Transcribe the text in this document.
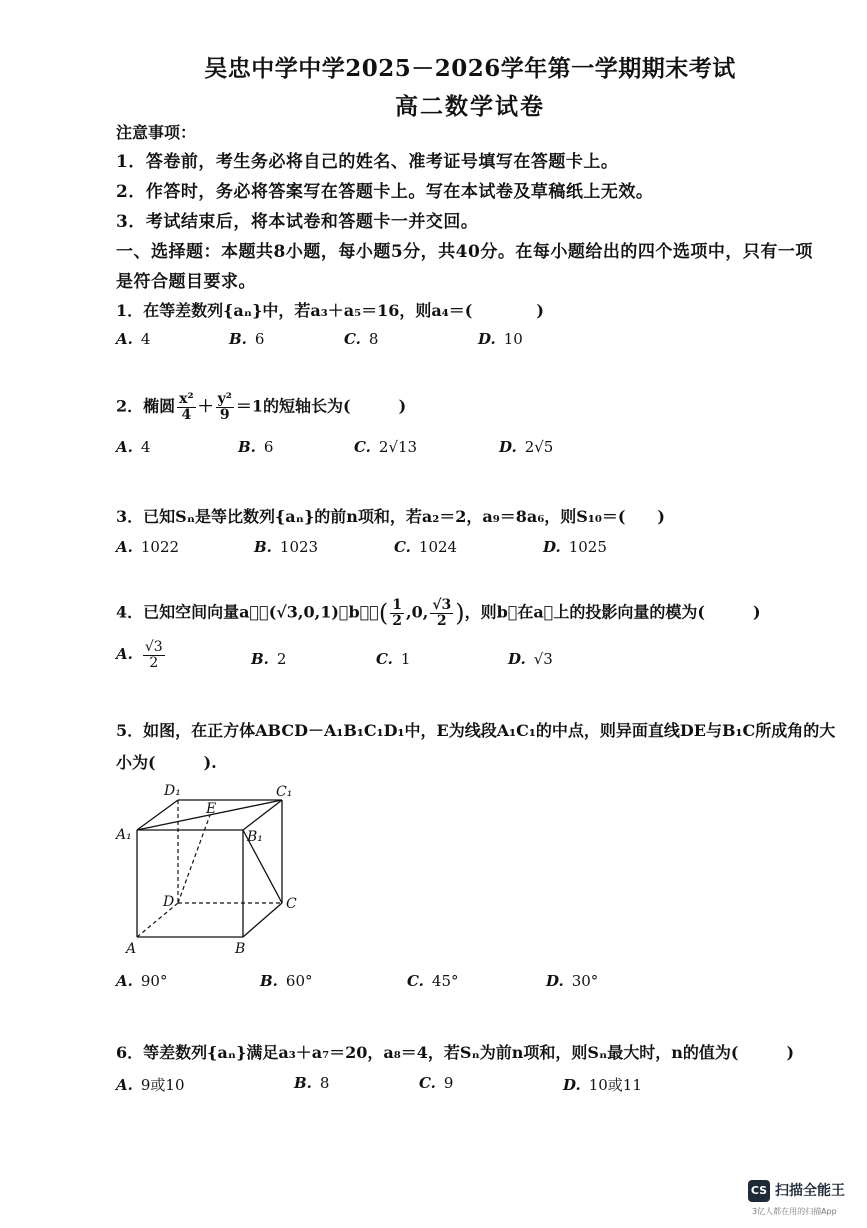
吴忠中学中学2025－2026学年第一学期期末考试
高二数学试卷
注意事项：
1．答卷前，考生务必将自己的姓名、准考证号填写在答题卡上。
2．作答时，务必将答案写在答题卡上。写在本试卷及草稿纸上无效。
3．考试结束后，将本试卷和答题卡一并交回。
一、选择题：本题共8小题，每小题5分，共40分。在每小题给出的四个选项中，只有一项
是符合题目要求。
1．在等差数列{aₙ}中，若a₃＋a₅＝16，则a₄＝(　　　　)
A. 4	B. 6	C. 8	D. 10
2．椭圆 $\frac{\text{x²}}{4} + \frac{\text{y²}}{9} =1$的短轴长为(　　　)
A. 4	B. 6	C. 2√13	D. 2√5
3．已知Sₙ是等比数列{aₙ}的前n项和，若a₂＝2，a₉＝8a₆，则S₁₀＝(　　)
A. 1022	B. 1023	C. 1024	D. 1025
4．已知空间向量a⃗＝(√3,0,1)，b⃗＝( $\frac{1}{2} ,0$, $\frac{√3}{2}$ )，则b⃗在a⃗上的投影向量的模为(　　　)
A. $\frac{√3}{2}$	B. 2	C. 1	D. √3
5．如图，在正方体ABCD－A₁B₁C₁D₁中，E为线段A₁C₁的中点，则异面直线DE与B₁C所成角的大
小为(　　　).
D₁	C₁
E
A₁	B₁
D	C
A	B
A. 90°	B. 60°	C. 45°	D. 30°
6．等差数列{aₙ}满足a₃＋a₇＝20，a₈＝4，若Sₙ为前n项和，则Sₙ最大时，n的值为(　　　)
A. 9或10	B. 8	C. 9	D. 10或11
CS 扫描全能王
3亿人都在用的扫描App
